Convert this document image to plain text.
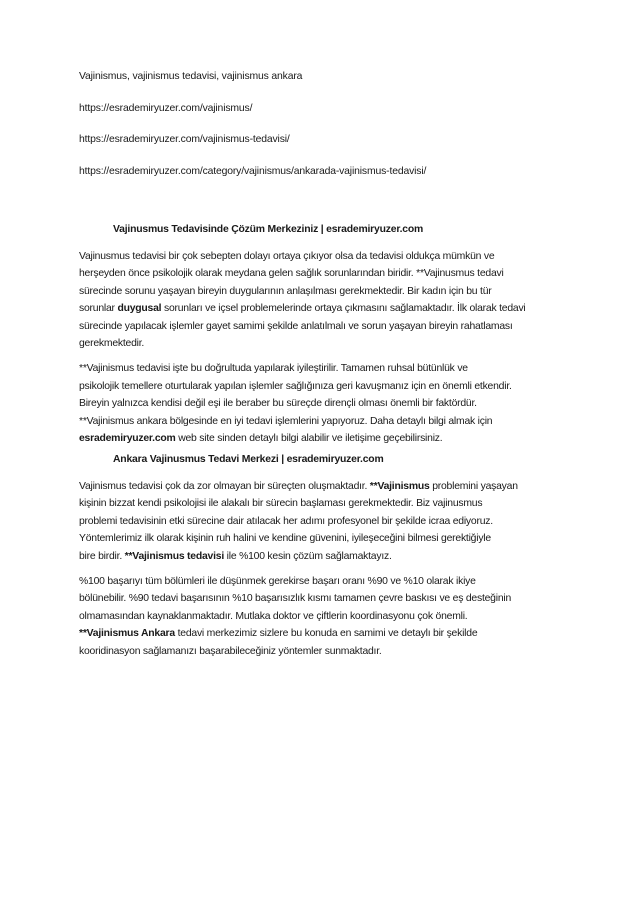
Vajinismus, vajinismus tedavisi, vajinismus ankara
https://esrademiryuzer.com/vajinismus/
https://esrademiryuzer.com/vajinismus-tedavisi/
https://esrademiryuzer.com/category/vajinismus/ankarada-vajinismus-tedavisi/
Vajinusmus Tedavisinde Çözüm Merkeziniz | esrademiryuzer.com
Vajinusmus tedavisi bir çok sebepten dolayı ortaya çıkıyor olsa da tedavisi oldukça mümkün ve
herşeyden önce psikolojik olarak meydana gelen sağlık sorunlarından biridir. **Vajinusmus tedavi
sürecinde sorunu yaşayan bireyin duygularının anlaşılması gerekmektedir. Bir kadın için bu tür
sorunlar duygusal sorunları ve içsel problemelerinde ortaya çıkmasını sağlamaktadır. İlk olarak tedavi
sürecinde yapılacak işlemler gayet samimi şekilde anlatılmalı ve sorun yaşayan bireyin rahatlaması
gerekmektedir.
**Vajinismus tedavisi işte bu doğrultuda yapılarak iyileştirilir. Tamamen ruhsal bütünlük ve
psikolojik temellere oturtularak yapılan işlemler sağlığınıza geri kavuşmanız için en önemli etkendir.
Bireyin yalnızca kendisi değil eşi ile beraber bu süreçde dirençli olması önemli bir faktördür.
**Vajinismus ankara bölgesinde en iyi tedavi işlemlerini yapıyoruz. Daha detaylı bilgi almak için
esrademiryuzer.com web site sinden detaylı bilgi alabilir ve iletişime geçebilirsiniz.
Ankara Vajinusmus Tedavi Merkezi | esrademiryuzer.com
Vajinismus tedavisi çok da zor olmayan bir süreçten oluşmaktadır. **Vajinismus problemini yaşayan
kişinin bizzat kendi psikolojisi ile alakalı bir sürecin başlaması gerekmektedir. Biz vajinusmus
problemi tedavisinin etki sürecine dair atılacak her adımı profesyonel bir şekilde icraa ediyoruz.
Yöntemlerimiz ilk olarak kişinin ruh halini ve kendine güvenini, iyileşeceğini bilmesi gerektiğiyle
bire birdir. **Vajinismus tedavisi ile %100 kesin çözüm sağlamaktayız.
%100 başarıyı tüm bölümleri ile düşünmek gerekirse başarı oranı %90 ve %10 olarak ikiye
bölünebilir. %90 tedavi başarısının %10 başarısızlık kısmı tamamen çevre baskısı ve eş desteğinin
olmamasından kaynaklanmaktadır. Mutlaka doktor ve çiftlerin koordinasyonu çok önemli.
**Vajinismus Ankara tedavi merkezimiz sizlere bu konuda en samimi ve detaylı bir şekilde
kooridinasyon sağlamanızı başarabileceğiniz yöntemler sunmaktadır.
